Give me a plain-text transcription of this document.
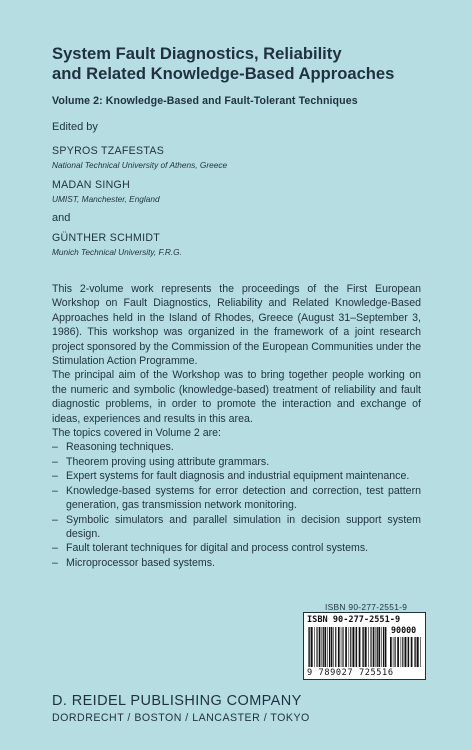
System Fault Diagnostics, Reliability
and Related Knowledge-Based Approaches
Volume 2: Knowledge-Based and Fault-Tolerant Techniques
Edited by
SPYROS TZAFESTAS
National Technical University of Athens, Greece
MADAN SINGH
UMIST, Manchester, England
and
GÜNTHER SCHMIDT
Munich Technical University, F.R.G.

This 2-volume work represents the proceedings of the First European Workshop on Fault Diagnostics, Reliability and Related Knowledge-Based Approaches held in the Island of Rhodes, Greece (August 31–September 3, 1986). This workshop was organized in the framework of a joint research project sponsored by the Commission of the European Communities under the Stimulation Action Programme.

The principal aim of the Workshop was to bring together people working on the numeric and symbolic (knowledge-based) treatment of reliability and fault diagnostic problems, in order to promote the interaction and exchange of ideas, experiences and results in this area.

The topics covered in Volume 2 are:

– Reasoning techniques.
– Theorem proving using attribute grammars.
– Expert systems for fault diagnosis and industrial equipment maintenance.
– Knowledge-based systems for error detection and correction, test pattern generation, gas transmission network monitoring.
– Symbolic simulators and parallel simulation in decision support system design.
– Fault tolerant techniques for digital and process control systems.
– Microprocessor based systems.
ISBN 90-277-2551-9
ISBN 90-277-2551-9
90000
9 789027 725516
D. REIDEL PUBLISHING COMPANY
DORDRECHT / BOSTON / LANCASTER / TOKYO
